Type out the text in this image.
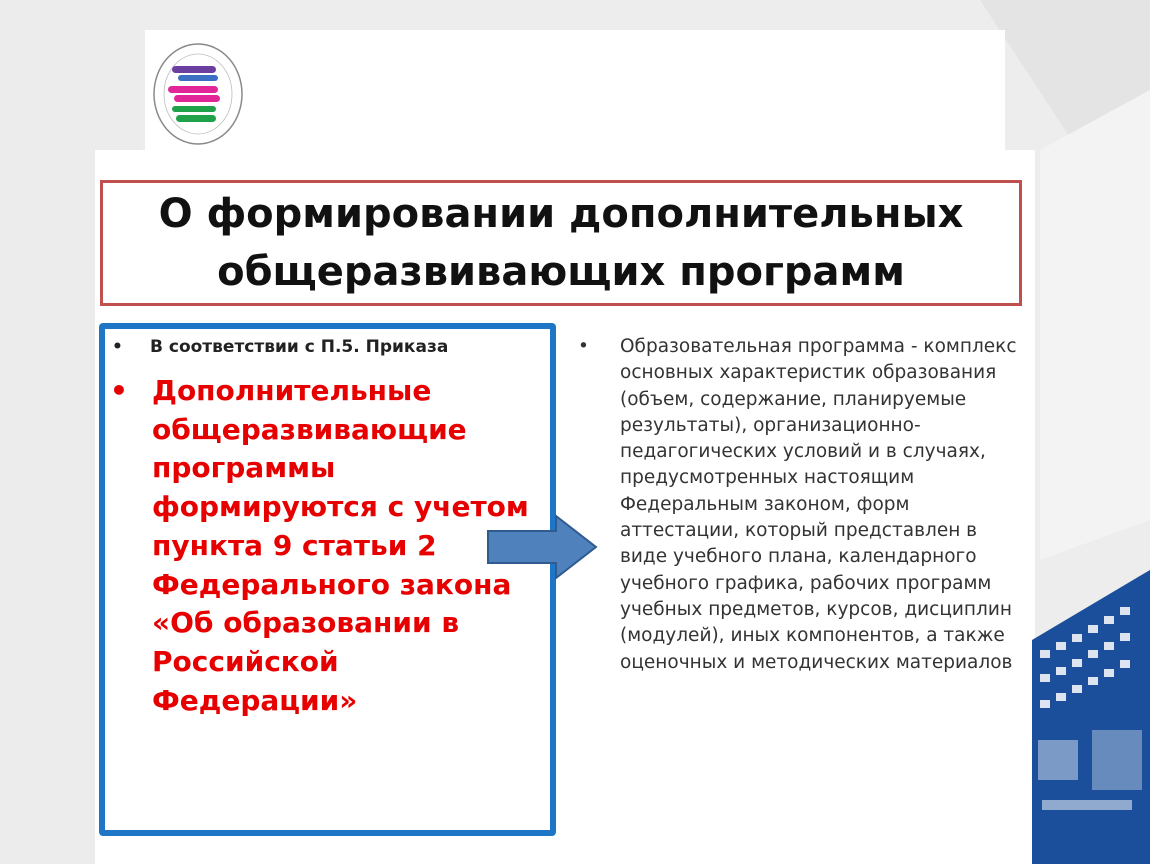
О формировании дополнительных общеразвивающих программ
• В соответствии с П.5. Приказа
• Дополнительные общеразвивающие программы формируются с учетом пункта 9 статьи 2 Федерального закона «Об образовании в Российской Федерации»
• Образовательная программа - комплекс основных характеристик образования (объем, содержание, планируемые результаты), организационно-педагогических условий и в случаях, предусмотренных настоящим Федеральным законом, форм аттестации, который представлен в виде учебного плана, календарного учебного графика, рабочих программ учебных предметов, курсов, дисциплин (модулей), иных компонентов, а также оценочных и методических материалов
